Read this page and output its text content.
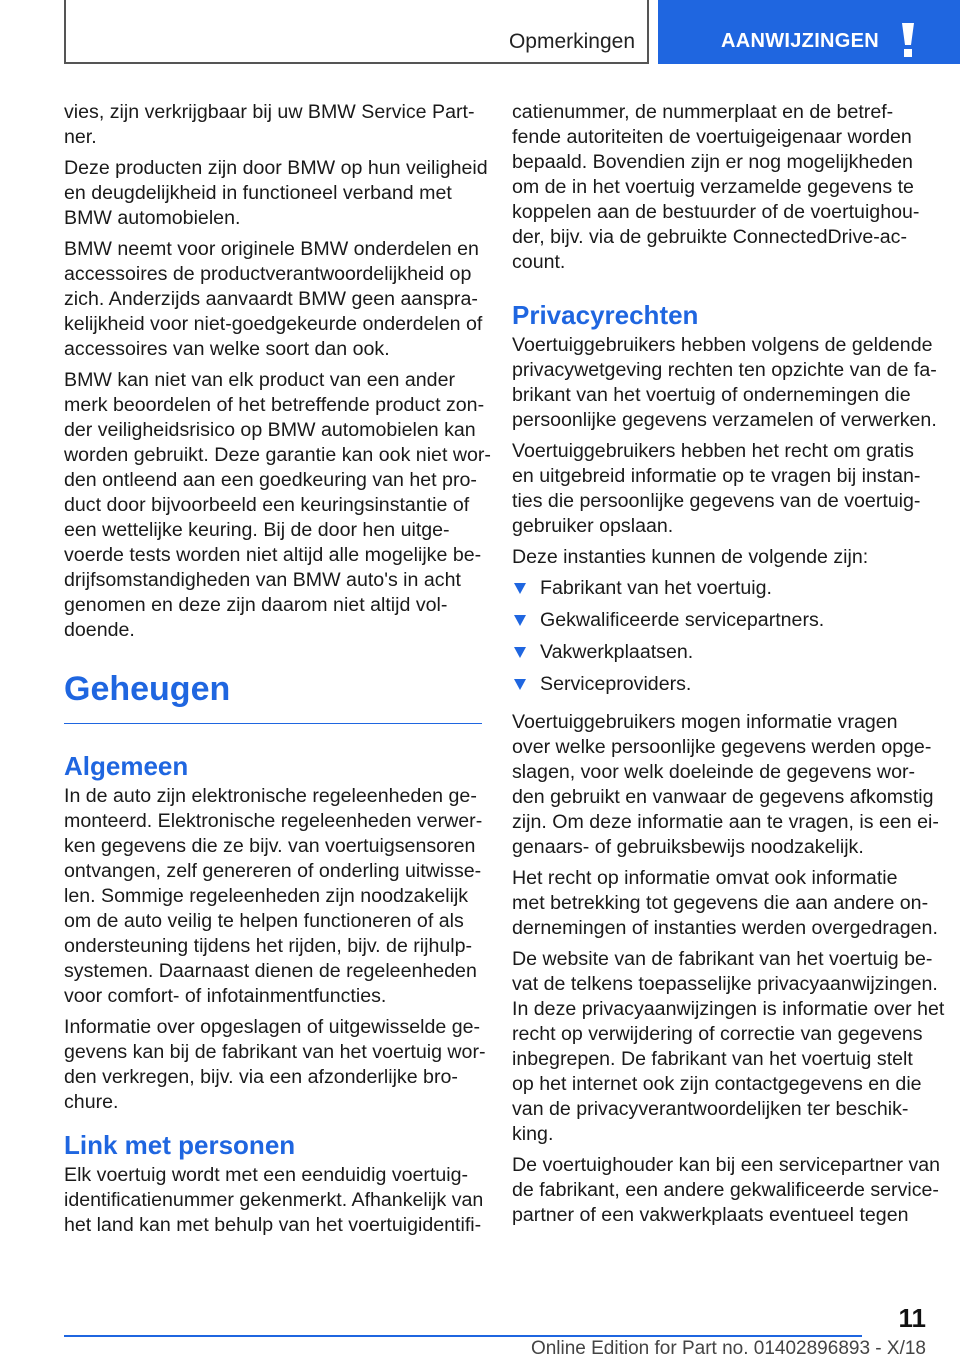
Opmerkingen	AANWIJZINGEN

vies, zijn verkrijgbaar bij uw BMW Service Part-
ner.

Deze producten zijn door BMW op hun veiligheid
en deugdelijkheid in functioneel verband met
BMW automobielen.

BMW neemt voor originele BMW onderdelen en
accessoires de productverantwoordelijkheid op
zich. Anderzijds aanvaardt BMW geen aanspra-
kelijkheid voor niet-goedgekeurde onderdelen of
accessoires van welke soort dan ook.

BMW kan niet van elk product van een ander
merk beoordelen of het betreffende product zon-
der veiligheidsrisico op BMW automobielen kan
worden gebruikt. Deze garantie kan ook niet wor-
den ontleend aan een goedkeuring van het pro-
duct door bijvoorbeeld een keuringsinstantie of
een wettelijke keuring. Bij de door hen uitge-
voerde tests worden niet altijd alle mogelijke be-
drijfsomstandigheden van BMW auto's in acht
genomen en deze zijn daarom niet altijd vol-
doende.

Geheugen
Algemeen

In de auto zijn elektronische regeleenheden ge-
monteerd. Elektronische regeleenheden verwer-
ken gegevens die ze bijv. van voertuigsensoren
ontvangen, zelf genereren of onderling uitwisse-
len. Sommige regeleenheden zijn noodzakelijk
om de auto veilig te helpen functioneren of als
ondersteuning tijdens het rijden, bijv. de rijhulp-
systemen. Daarnaast dienen de regeleenheden
voor comfort- of infotainmentfuncties.

Informatie over opgeslagen of uitgewisselde ge-
gevens kan bij de fabrikant van het voertuig wor-
den verkregen, bijv. via een afzonderlijke bro-
chure.

Link met personen

Elk voertuig wordt met een eenduidig voertuig-
identificatienummer gekenmerkt. Afhankelijk van
het land kan met behulp van het voertuigidentifi-

catienummer, de nummerplaat en de betref-
fende autoriteiten de voertuigeigenaar worden
bepaald. Bovendien zijn er nog mogelijkheden
om de in het voertuig verzamelde gegevens te
koppelen aan de bestuurder of de voertuighou-
der, bijv. via de gebruikte ConnectedDrive-ac-
count.

Privacyrechten

Voertuiggebruikers hebben volgens de geldende
privacywetgeving rechten ten opzichte van de fa-
brikant van het voertuig of ondernemingen die
persoonlijke gegevens verzamelen of verwerken.

Voertuiggebruikers hebben het recht om gratis
en uitgebreid informatie op te vragen bij instan-
ties die persoonlijke gegevens van de voertuig-
gebruiker opslaan.

Deze instanties kunnen de volgende zijn:

Fabrikant van het voertuig.
Gekwalificeerde servicepartners.
Vakwerkplaatsen.
Serviceproviders.

Voertuiggebruikers mogen informatie vragen
over welke persoonlijke gegevens werden opge-
slagen, voor welk doeleinde de gegevens wor-
den gebruikt en vanwaar de gegevens afkomstig
zijn. Om deze informatie aan te vragen, is een ei-
genaars- of gebruiksbewijs noodzakelijk.

Het recht op informatie omvat ook informatie
met betrekking tot gegevens die aan andere on-
dernemingen of instanties werden overgedragen.

De website van de fabrikant van het voertuig be-
vat de telkens toepasselijke privacyaanwijzingen.
In deze privacyaanwijzingen is informatie over het
recht op verwijdering of correctie van gegevens
inbegrepen. De fabrikant van het voertuig stelt
op het internet ook zijn contactgegevens en die
van de privacyverantwoordelijken ter beschik-
king.

De voertuighouder kan bij een servicepartner van
de fabrikant, een andere gekwalificeerde service-
partner of een vakwerkplaats eventueel tegen

11
Online Edition for Part no. 01402896893 - X/18
